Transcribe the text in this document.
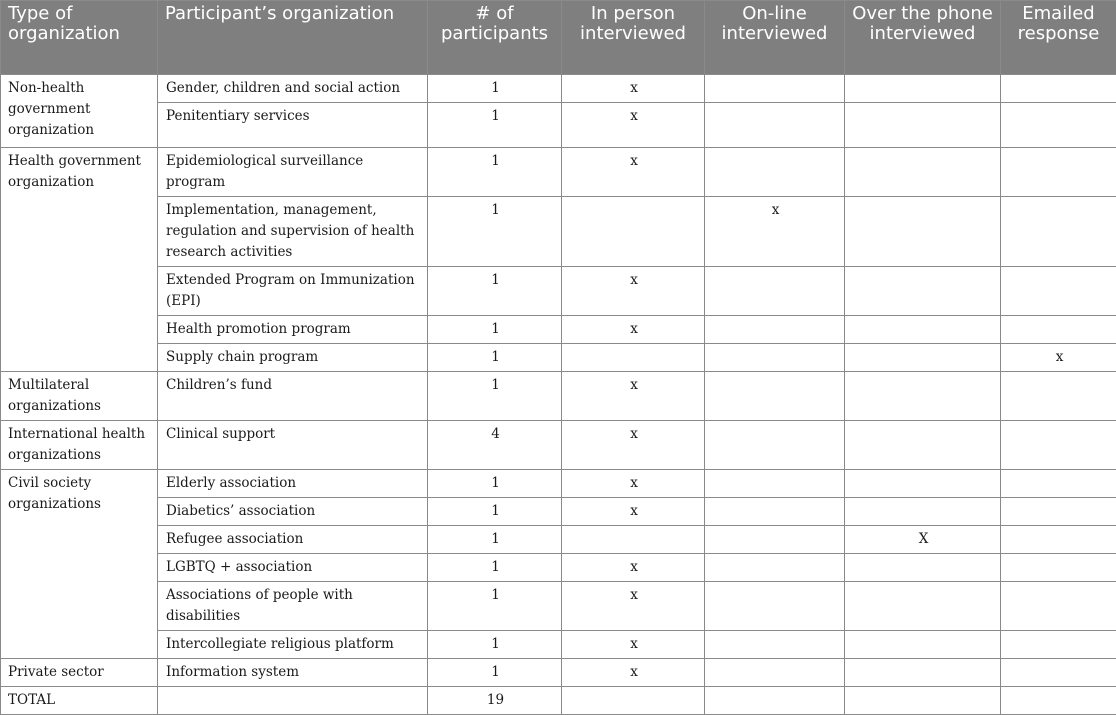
Type of organization	Participant’s organization	# of participants	In person interviewed	On-line interviewed	Over the phone interviewed	Emailed response
Non-health government organization	Gender, children and social action	1	x			
	Penitentiary services	1	x			
Health government organization	Epidemiological surveillance program	1	x			
	Implementation, management, regulation and supervision of health research activities	1		x		
	Extended Program on Immunization (EPI)	1	x			
	Health promotion program	1	x			
	Supply chain program	1				x
Multilateral organizations	Children’s fund	1	x			
International health organizations	Clinical support	4	x			
Civil society organizations	Elderly association	1	x			
	Diabetics’ association	1	x			
	Refugee association	1			X	
	LGBTQ + association	1	x			
	Associations of people with disabilities	1	x			
	Intercollegiate religious platform	1	x			
Private sector	Information system	1	x			
TOTAL		19				
